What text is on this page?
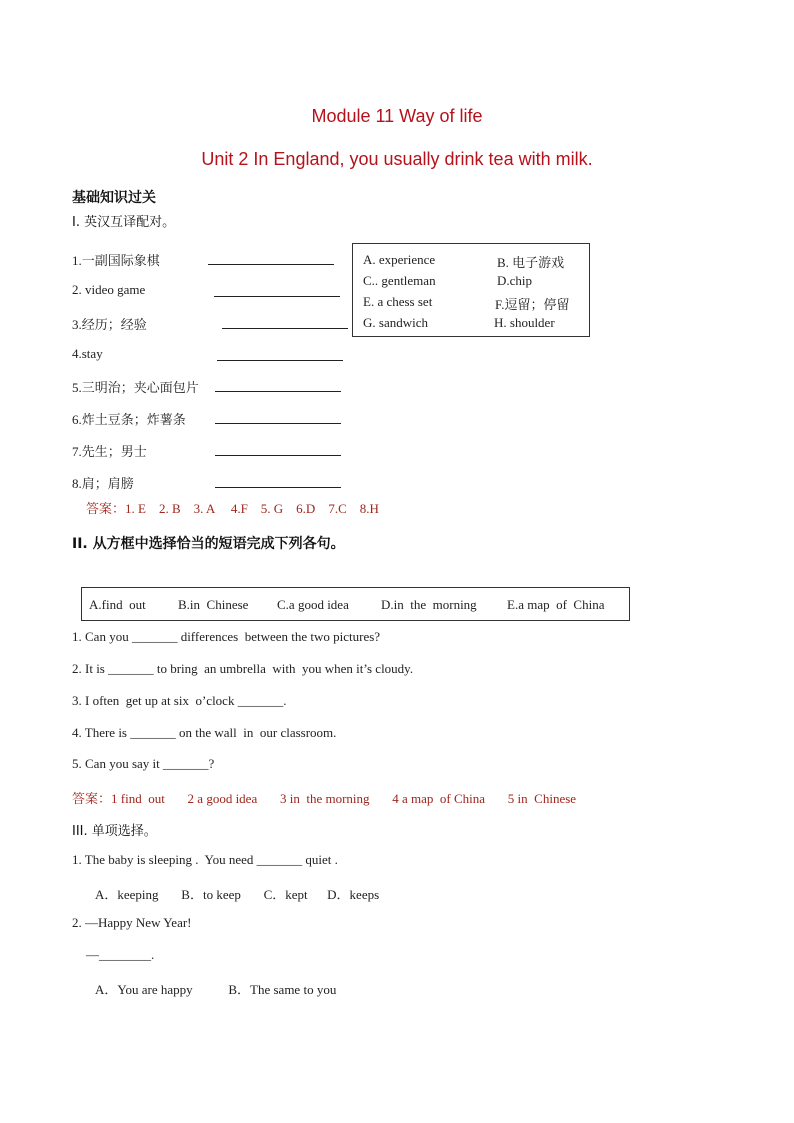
Module 11 Way of life
Unit 2 In England, you usually drink tea with milk.
基础知识过关
I. 英汉互译配对。
1.一副国际象棋
2. video game
3.经历；经验
4.stay
5.三明治；夹心面包片
6.炸土豆条；炸薯条
7.先生；男士
8.肩；肩膀
A. experience	B. 电子游戏
C.. gentleman	D.chip
E. a chess set	F.逗留；停留
G. sandwich	H. shoulder
答案：1. E    2. B    3. A     4.F    5. G    6.D    7.C    8.H
II. 从方框中选择恰当的短语完成下列各句。
A.find  out B.in  Chinese C.a good idea D.in  the  morning E.a map  of  China
1. Can you _______ differences  between the two pictures?
2. It is _______ to bring  an umbrella  with  you when it’s cloudy.
3. I often  get up at six  o’clock _______.
4. There is _______ on the wall  in  our classroom.
5. Can you say it _______?
答案：1 find  out       2 a good idea       3 in  the morning       4 a map  of China       5 in  Chinese
III. 单项选择。
1. The baby is sleeping .  You need _______ quiet .
A．keeping       B．to keep       C．kept      D．keeps
2. —Happy New Year!
—________.
A．You are happy           B．The same to you
